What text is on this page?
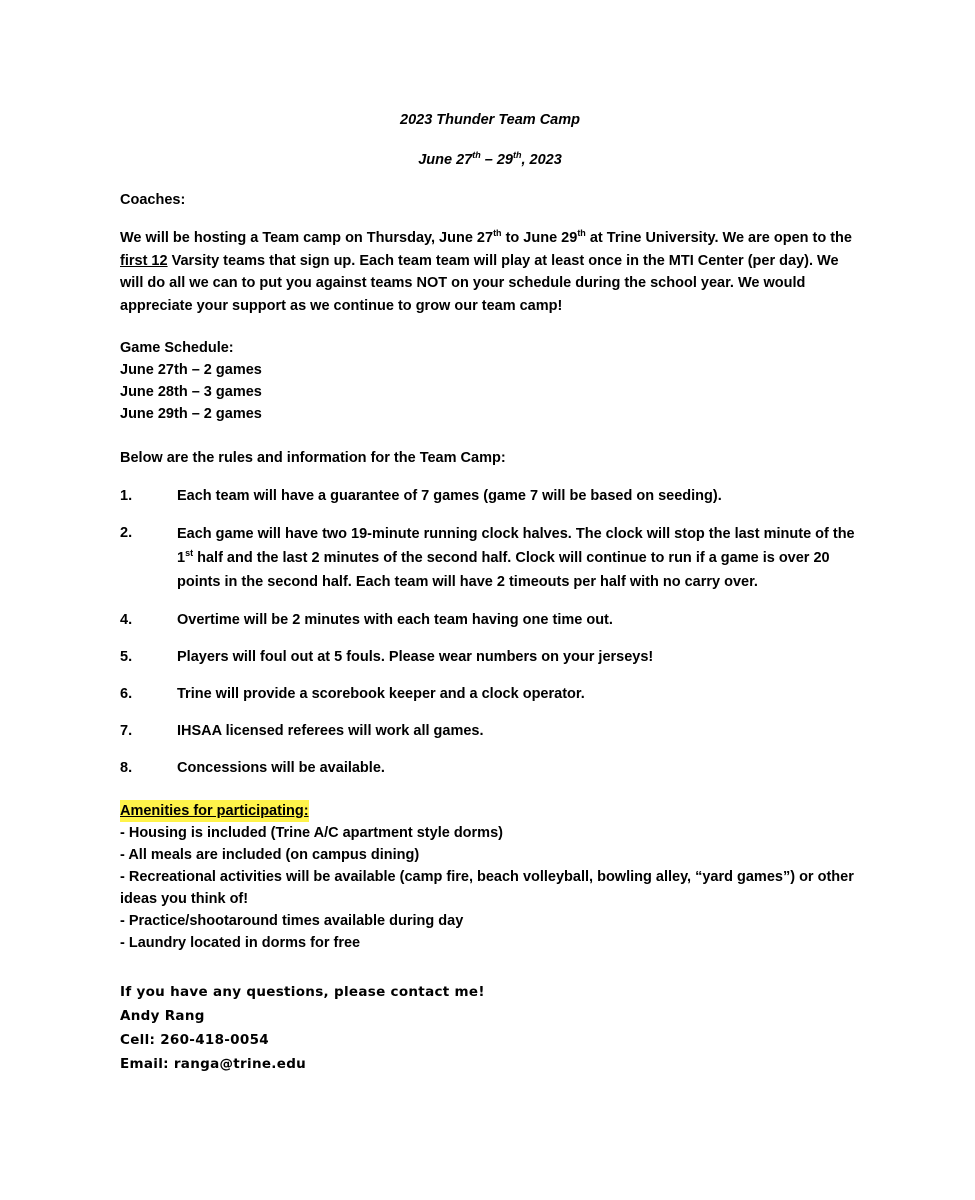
2023 Thunder Team Camp

June 27th – 29th, 2023

Coaches:

We will be hosting a Team camp on Thursday, June 27th to June 29th at Trine University. We are open to the first 12 Varsity teams that sign up. Each team team will play at least once in the MTI Center (per day). We will do all we can to put you against teams NOT on your schedule during the school year. We would appreciate your support as we continue to grow our team camp!

Game Schedule:

June 27th – 2 games

June 28th – 3 games

June 29th – 2 games

Below are the rules and information for the Team Camp:

1.	Each team will have a guarantee of 7 games (game 7 will be based on seeding).
2.	Each game will have two 19-minute running clock halves. The clock will stop the last minute of the 1st half and the last 2 minutes of the second half. Clock will continue to run if a game is over 20 points in the second half. Each team will have 2 timeouts per half with no carry over.
4.	Overtime will be 2 minutes with each team having one time out.
5.	Players will foul out at 5 fouls. Please wear numbers on your jerseys!
6.	Trine will provide a scorebook keeper and a clock operator.
7.	IHSAA licensed referees will work all games.
8.	Concessions will be available.
Amenities for participating:

- Housing is included (Trine A/C apartment style dorms)

- All meals are included (on campus dining)

- Recreational activities will be available (camp fire, beach volleyball, bowling alley, “yard games”) or other ideas you think of!

- Practice/shootaround times available during day

- Laundry located in dorms for free

If you have any questions, please contact me!

Andy Rang

Cell: 260-418-0054

Email: ranga@trine.edu
